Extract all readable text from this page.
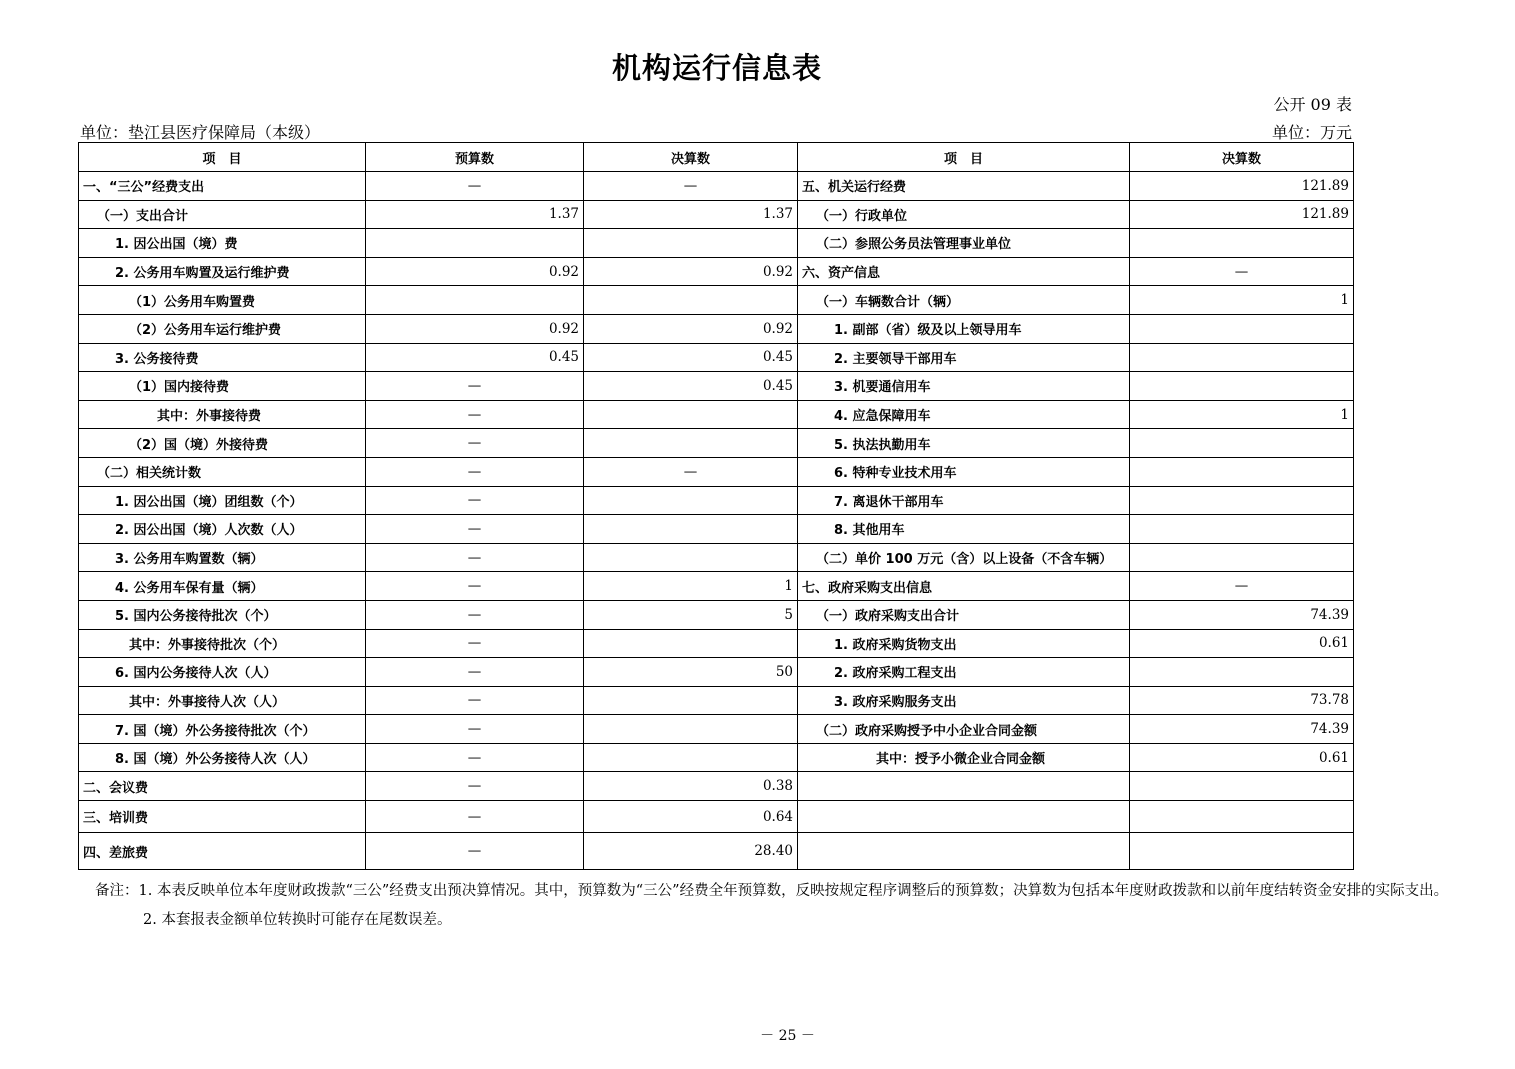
机构运行信息表
公开 09 表
单位：垫江县医疗保障局（本级）	单位：万元
项　目	预算数	决算数	项　目	决算数
一、“三公”经费支出	—	—	五、机关运行经费	121.89
（一）支出合计	1.37	1.37	（一）行政单位	121.89
1. 因公出国（境）费			（二）参照公务员法管理事业单位	
2. 公务用车购置及运行维护费	0.92	0.92	六、资产信息	—
（1）公务用车购置费			（一）车辆数合计（辆）	1
（2）公务用车运行维护费	0.92	0.92	1. 副部（省）级及以上领导用车	
3. 公务接待费	0.45	0.45	2. 主要领导干部用车	
（1）国内接待费	—	0.45	3. 机要通信用车	
其中：外事接待费	—		4. 应急保障用车	1
（2）国（境）外接待费	—		5. 执法执勤用车	
（二）相关统计数	—	—	6. 特种专业技术用车	
1. 因公出国（境）团组数（个）	—		7. 离退休干部用车	
2. 因公出国（境）人次数（人）	—		8. 其他用车	
3. 公务用车购置数（辆）	—		（二）单价 100 万元（含）以上设备（不含车辆）	
4. 公务用车保有量（辆）	—	1	七、政府采购支出信息	—
5. 国内公务接待批次（个）	—	5	（一）政府采购支出合计	74.39
其中：外事接待批次（个）	—		1. 政府采购货物支出	0.61
6. 国内公务接待人次（人）	—	50	2. 政府采购工程支出	
其中：外事接待人次（人）	—		3. 政府采购服务支出	73.78
7. 国（境）外公务接待批次（个）	—		（二）政府采购授予中小企业合同金额	74.39
8. 国（境）外公务接待人次（人）	—		其中：授予小微企业合同金额	0.61
二、会议费	—	0.38		
三、培训费	—	0.64		
四、差旅费	—	28.40		

备注：1. 本表反映单位本年度财政拨款“三公”经费支出预决算情况。其中，预算数为“三公”经费全年预算数，反映按规定程序调整后的预算数；决算数为包括本年度财政拨款和以前年度结转资金安排的实际支出。

2. 本套报表金额单位转换时可能存在尾数误差。

－ 25 －
